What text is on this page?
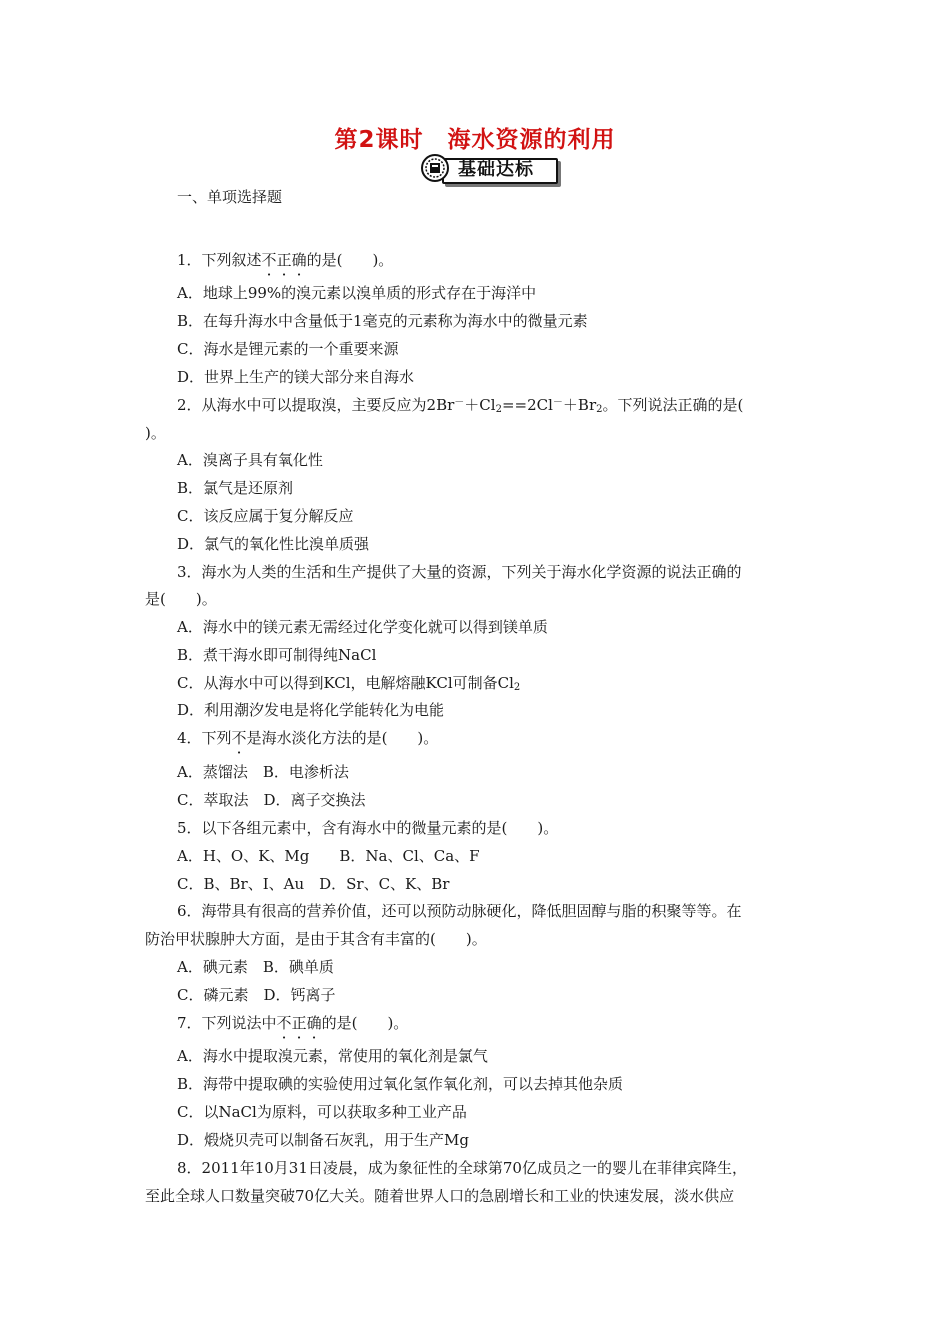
第2课时　海水资源的利用
基础达标
一、单项选择题
1．下列叙述不正确的是(　　)。
A．地球上99%的溴元素以溴单质的形式存在于海洋中
B．在每升海水中含量低于1毫克的元素称为海水中的微量元素
C．海水是锂元素的一个重要来源
D．世界上生产的镁大部分来自海水
2．从海水中可以提取溴，主要反应为$2Br^-+Cl_2==2Cl^-+Br_2$。下列说法正确的是(
)。
A．溴离子具有氧化性
B．氯气是还原剂
C．该反应属于复分解反应
D．氯气的氧化性比溴单质强
3．海水为人类的生活和生产提供了大量的资源，下列关于海水化学资源的说法正确的
是(　　)。
A．海水中的镁元素无需经过化学变化就可以得到镁单质
B．煮干海水即可制得纯NaCl
C．从海水中可以得到KCl，电解熔融KCl可制备$Cl_2$
D．利用潮汐发电是将化学能转化为电能
4．下列不是海水淡化方法的是(　　)。
A．蒸馏法　B．电渗析法
C．萃取法　D．离子交换法
5．以下各组元素中，含有海水中的微量元素的是(　　)。
A．H、O、K、Mg　　B．Na、Cl、Ca、F
C．B、Br、I、Au　D．Sr、C、K、Br
6．海带具有很高的营养价值，还可以预防动脉硬化，降低胆固醇与脂的积聚等等。在
防治甲状腺肿大方面，是由于其含有丰富的(　　)。
A．碘元素　B．碘单质
C．磷元素　D．钙离子
7．下列说法中不正确的是(　　)。
A．海水中提取溴元素，常使用的氧化剂是氯气
B．海带中提取碘的实验使用过氧化氢作氧化剂，可以去掉其他杂质
C．以NaCl为原料，可以获取多种工业产品
D．煅烧贝壳可以制备石灰乳，用于生产Mg
8．2011年10月31日凌晨，成为象征性的全球第70亿成员之一的婴儿在菲律宾降生，
至此全球人口数量突破70亿大关。随着世界人口的急剧增长和工业的快速发展，淡水供应
